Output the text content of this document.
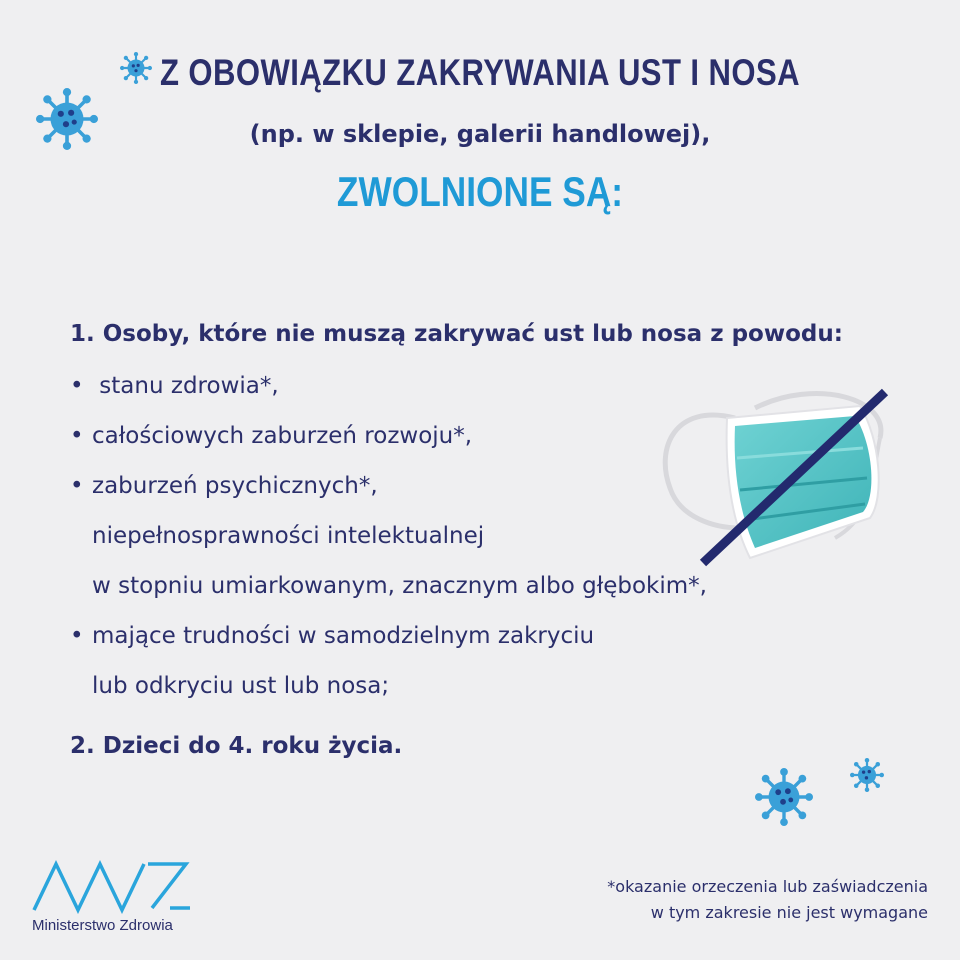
Z OBOWIĄZKU ZAKRYWANIA UST I NOSA
(np. w sklepie, galerii handlowej),
ZWOLNIONE SĄ:
1. Osoby, które nie muszą zakrywać ust lub nosa z powodu:
• stanu zdrowia*,
• całościowych zaburzeń rozwoju*,
• zaburzeń psychicznych*,
niepełnosprawności intelektualnej
w stopniu umiarkowanym, znacznym albo głębokim*,
• mające trudności w samodzielnym zakryciu
lub odkryciu ust lub nosa;
2. Dzieci do 4. roku życia.
Ministerstwo Zdrowia
*okazanie orzeczenia lub zaświadczenia
w tym zakresie nie jest wymagane
